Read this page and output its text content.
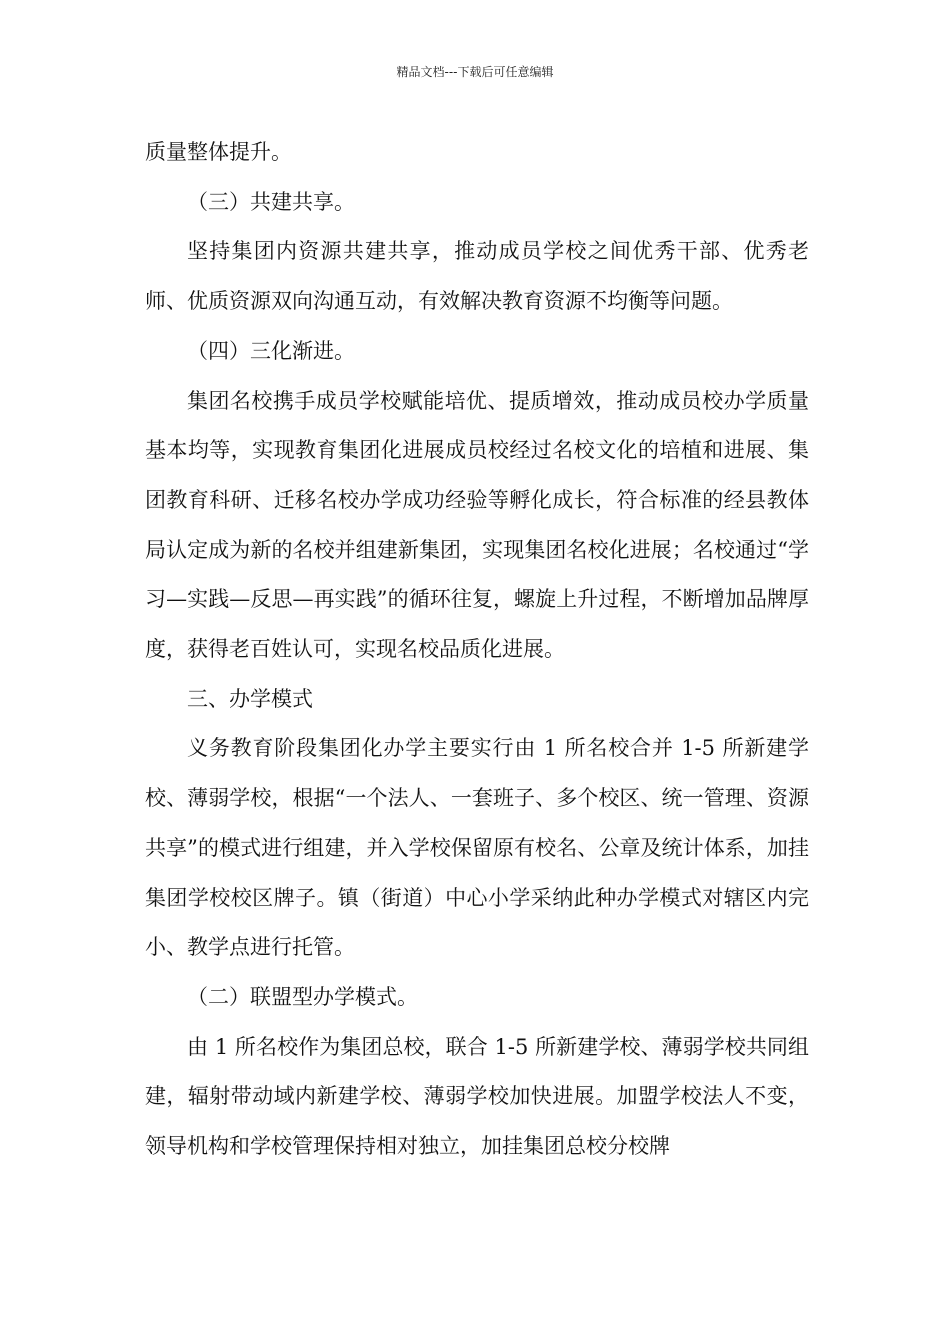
精品文档---下载后可任意编辑

质量整体提升。

（三）共建共享。

坚持集团内资源共建共享，推动成员学校之间优秀干部、优秀老师、优质资源双向沟通互动，有效解决教育资源不均衡等问题。

（四）三化渐进。

集团名校携手成员学校赋能培优、提质增效，推动成员校办学质量基本均等，实现教育集团化进展成员校经过名校文化的培植和进展、集团教育科研、迁移名校办学成功经验等孵化成长，符合标准的经县教体局认定成为新的名校并组建新集团，实现集团名校化进展；名校通过“学习—实践—反思—再实践”的循环往复，螺旋上升过程，不断增加品牌厚度，获得老百姓认可，实现名校品质化进展。

三、办学模式

义务教育阶段集团化办学主要实行由 1 所名校合并 1-5 所新建学校、薄弱学校，根据“一个法人、一套班子、多个校区、统一管理、资源共享”的模式进行组建，并入学校保留原有校名、公章及统计体系，加挂集团学校校区牌子。镇（街道）中心小学采纳此种办学模式对辖区内完小、教学点进行托管。

（二）联盟型办学模式。

由 1 所名校作为集团总校，联合 1-5 所新建学校、薄弱学校共同组建，辐射带动域内新建学校、薄弱学校加快进展。加盟学校法人不变，领导机构和学校管理保持相对独立，加挂集团总校分校牌
